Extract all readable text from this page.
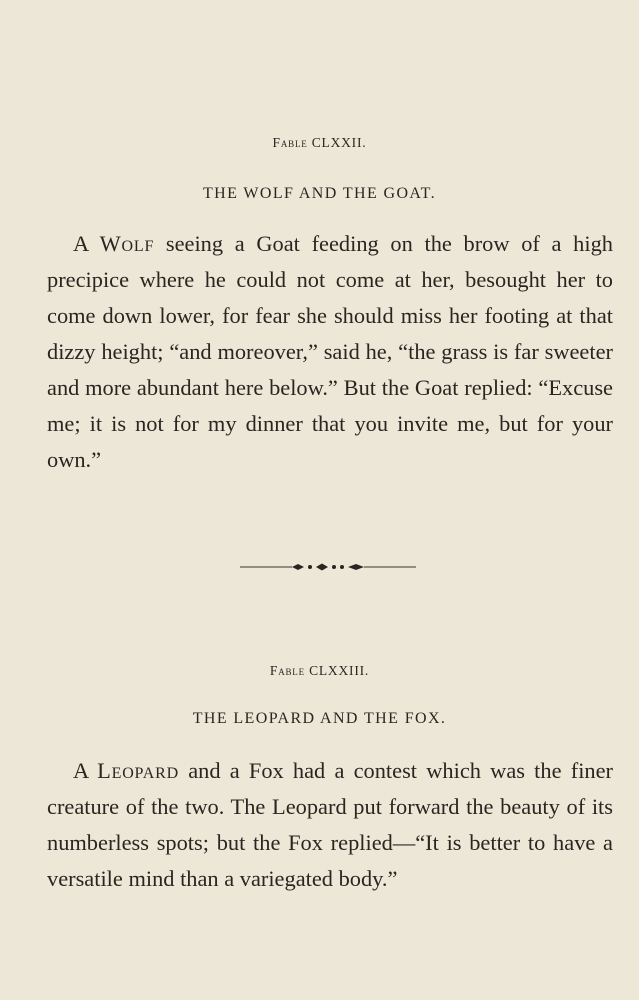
Fable CLXXII.
THE WOLF AND THE GOAT.
A Wolf seeing a Goat feeding on the brow of a high precipice where he could not come at her, besought her to come down lower, for fear she should miss her footing at that dizzy height; “and moreover,” said he, “the grass is far sweeter and more abundant here below.” But the Goat replied: “Excuse me; it is not for my dinner that you invite me, but for your own.”
Fable CLXXIII.
THE LEOPARD AND THE FOX.
A Leopard and a Fox had a contest which was the finer creature of the two. The Leopard put forward the beauty of its numberless spots; but the Fox replied—“It is better to have a versatile mind than a variegated body.”
